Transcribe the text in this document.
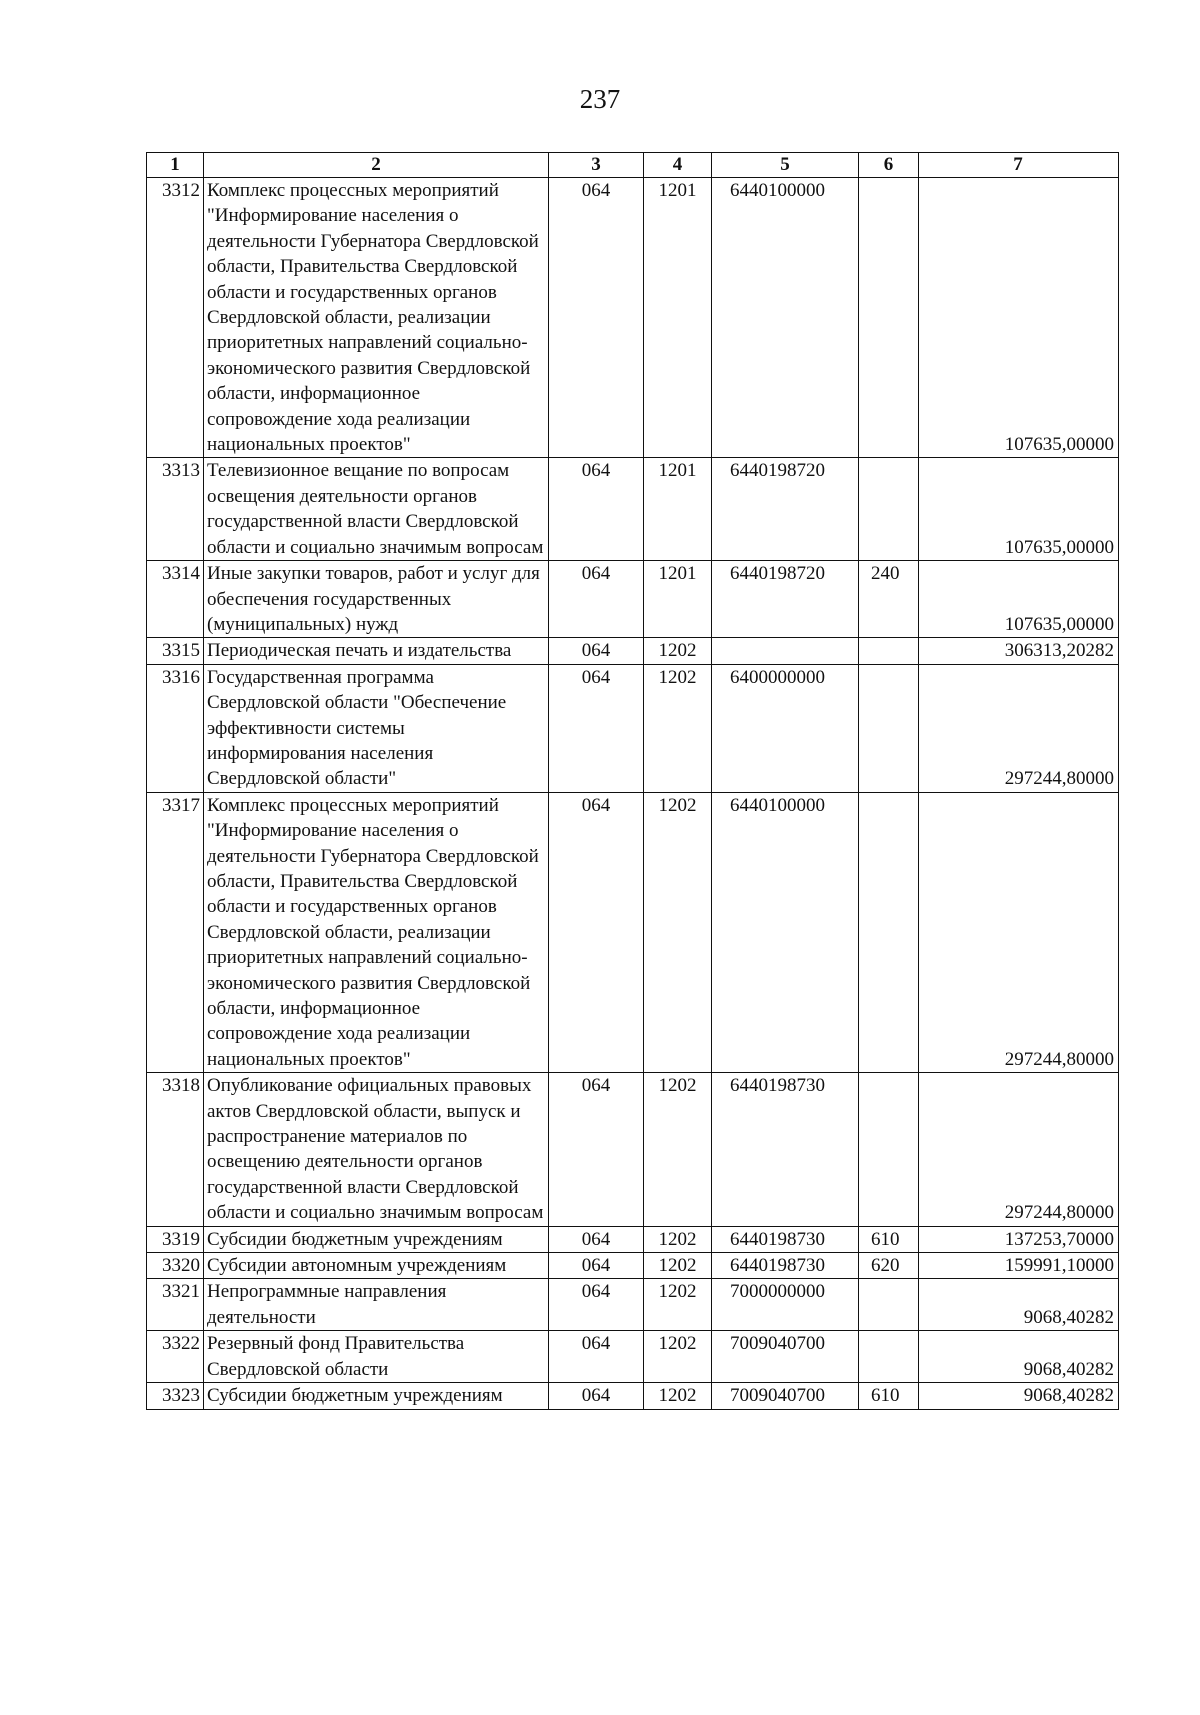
237
1	2	3	4	5	6	7
3312	Комплекс процессных мероприятий "Информирование населения о деятельности Губернатора Свердловской области, Правительства Свердловской области и государственных органов Свердловской области, реализации приоритетных направлений социально-экономического развития Свердловской области, информационное сопровождение хода реализации национальных проектов"	064	1201	6440100000		107635,00000
3313	Телевизионное вещание по вопросам освещения деятельности органов государственной власти Свердловской области и социально значимым вопросам	064	1201	6440198720		107635,00000
3314	Иные закупки товаров, работ и услуг для обеспечения государственных (муниципальных) нужд	064	1201	6440198720	240	107635,00000
3315	Периодическая печать и издательства	064	1202			306313,20282
3316	Государственная программа Свердловской области "Обеспечение эффективности системы информирования населения Свердловской области"	064	1202	6400000000		297244,80000
3317	Комплекс процессных мероприятий "Информирование населения о деятельности Губернатора Свердловской области, Правительства Свердловской области и государственных органов Свердловской области, реализации приоритетных направлений социально-экономического развития Свердловской области, информационное сопровождение хода реализации национальных проектов"	064	1202	6440100000		297244,80000
3318	Опубликование официальных правовых актов Свердловской области, выпуск и распространение материалов по освещению деятельности органов государственной власти Свердловской области и социально значимым вопросам	064	1202	6440198730		297244,80000
3319	Субсидии бюджетным учреждениям	064	1202	6440198730	610	137253,70000
3320	Субсидии автономным учреждениям	064	1202	6440198730	620	159991,10000
3321	Непрограммные направления деятельности	064	1202	7000000000		9068,40282
3322	Резервный фонд Правительства Свердловской области	064	1202	7009040700		9068,40282
3323	Субсидии бюджетным учреждениям	064	1202	7009040700	610	9068,40282
